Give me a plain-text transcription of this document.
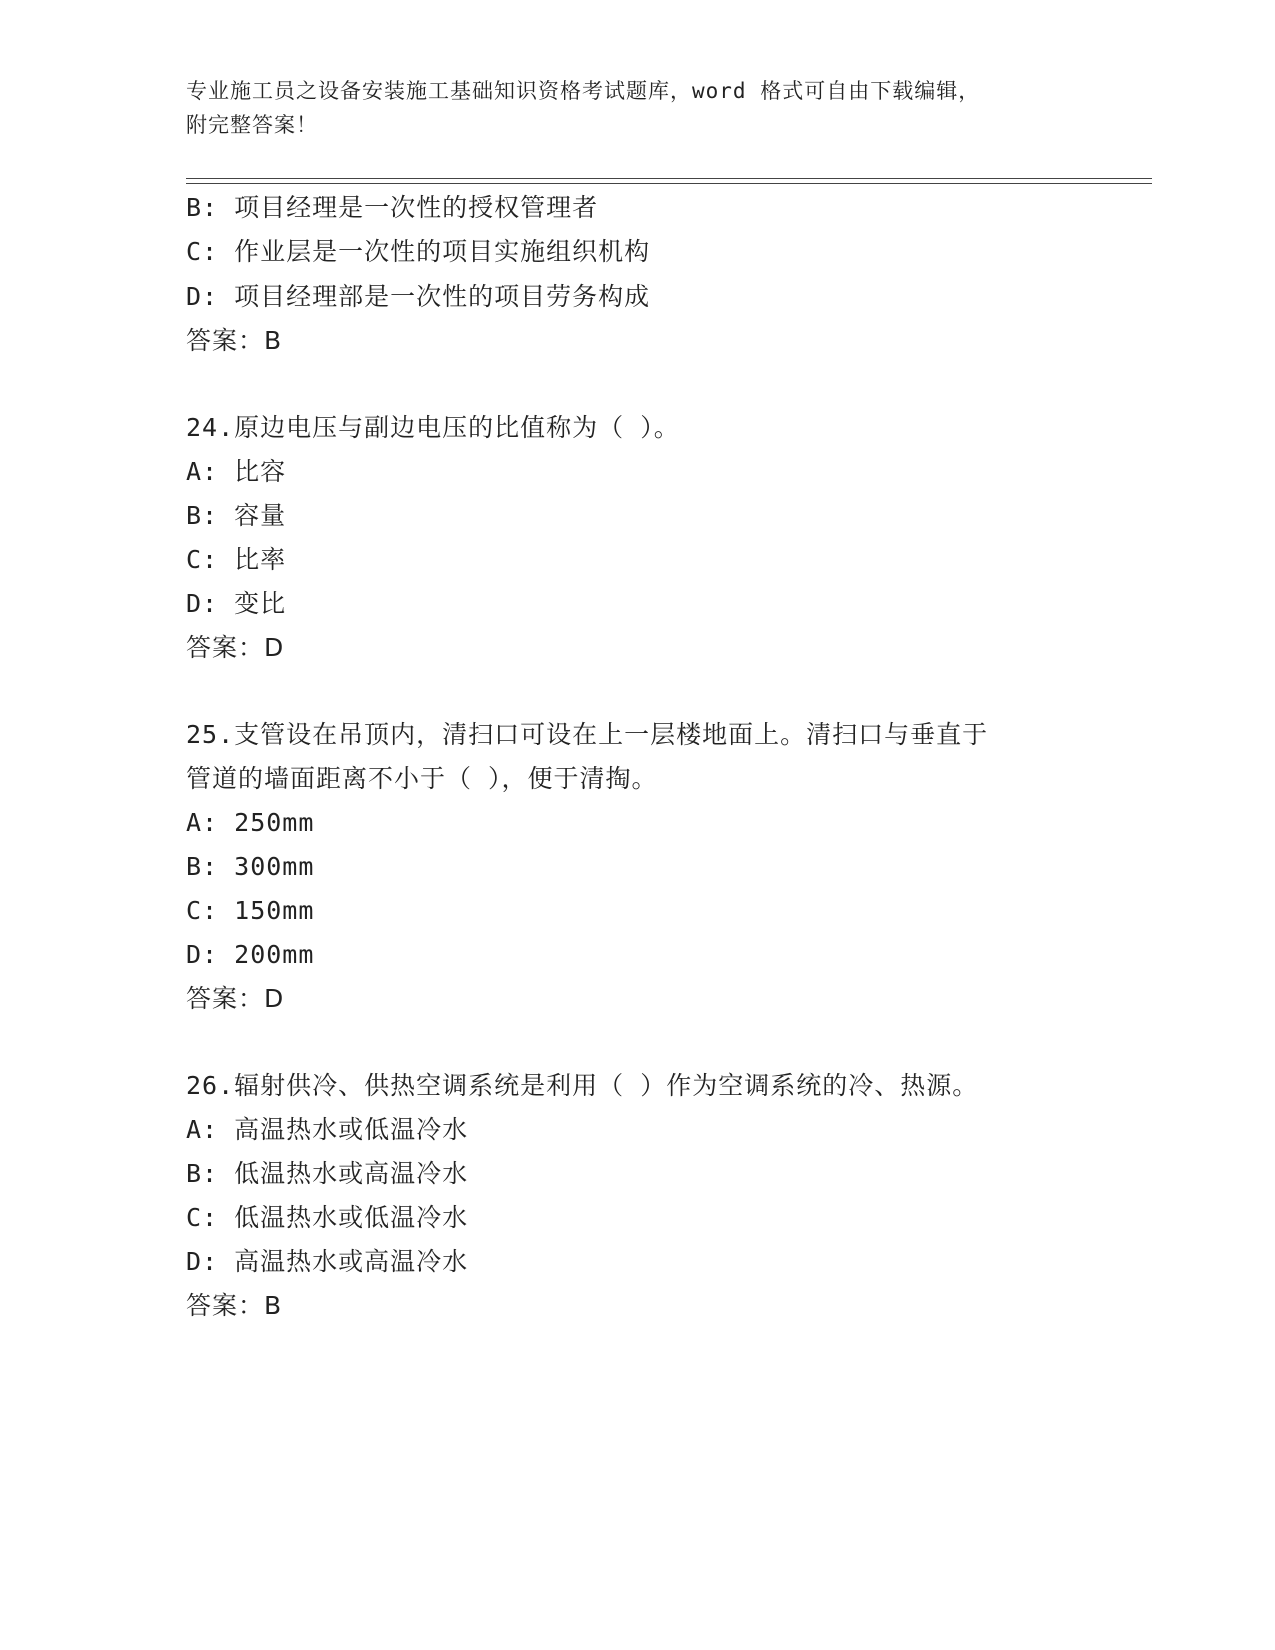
专业施工员之设备安装施工基础知识资格考试题库，word 格式可自由下载编辑，
附完整答案！
B: 项目经理是一次性的授权管理者
C: 作业层是一次性的项目实施组织机构
D: 项目经理部是一次性的项目劳务构成
答案：B
24.原边电压与副边电压的比值称为（ ）。
A: 比容
B: 容量
C: 比率
D: 变比
答案：D
25.支管设在吊顶内，清扫口可设在上一层楼地面上。清扫口与垂直于
管道的墙面距离不小于（ ），便于清掏。
A: 250mm
B: 300mm
C: 150mm
D: 200mm
答案：D
26.辐射供冷、供热空调系统是利用（ ）作为空调系统的冷、热源。
A: 高温热水或低温冷水
B: 低温热水或高温冷水
C: 低温热水或低温冷水
D: 高温热水或高温冷水
答案：B
